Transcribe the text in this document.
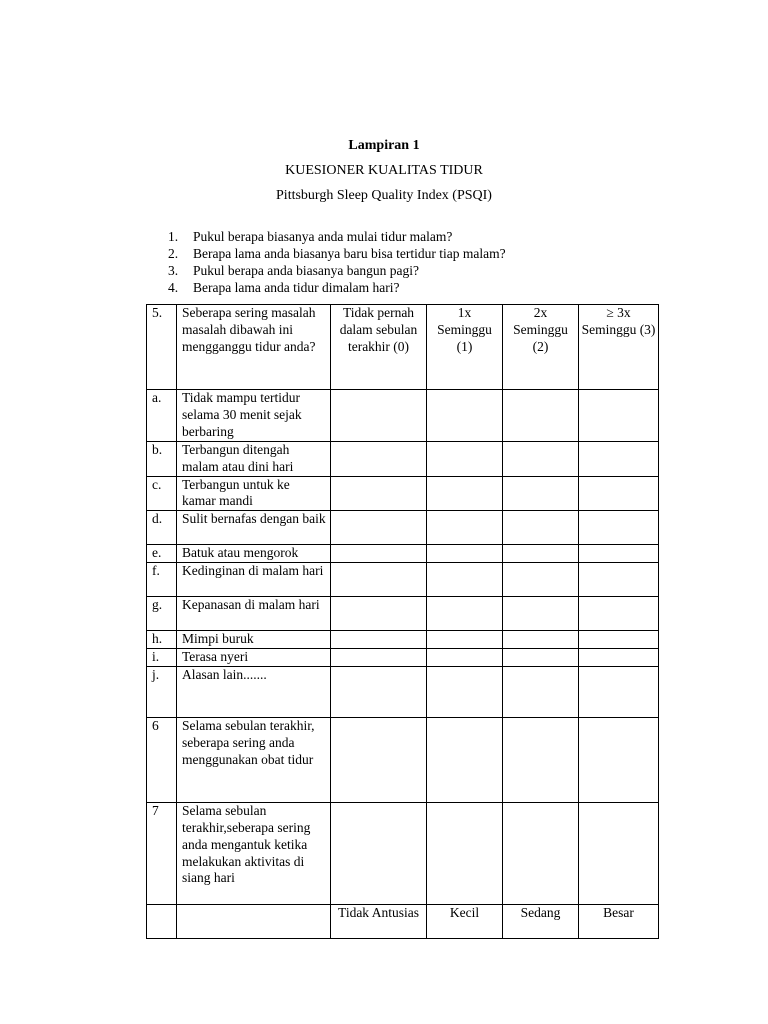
Lampiran 1
KUESIONER KUALITAS TIDUR
Pittsburgh Sleep Quality Index (PSQI)
1.	Pukul berapa biasanya anda mulai tidur malam?
2.	Berapa lama anda biasanya baru bisa tertidur tiap malam?
3.	Pukul berapa anda biasanya bangun pagi?
4.	Berapa lama anda tidur dimalam hari?
5.	Seberapa sering masalah masalah dibawah ini mengganggu tidur anda?	Tidak pernah dalam sebulan terakhir (0)	1x Seminggu (1)	2x Seminggu (2)	≥ 3x Seminggu (3)
a.	Tidak mampu tertidur selama 30 menit sejak berbaring				
b.	Terbangun ditengah malam atau dini hari				
c.	Terbangun untuk ke kamar mandi				
d.	Sulit bernafas dengan baik				
e.	Batuk atau mengorok				
f.	Kedinginan di malam hari				
g.	Kepanasan di malam hari				
h.	Mimpi buruk				
i.	Terasa nyeri				
j.	Alasan lain.......				
6	Selama sebulan terakhir, seberapa sering anda menggunakan obat tidur				
7	Selama sebulan terakhir,seberapa sering anda mengantuk ketika melakukan aktivitas di siang hari				
		Tidak Antusias	Kecil	Sedang	Besar
